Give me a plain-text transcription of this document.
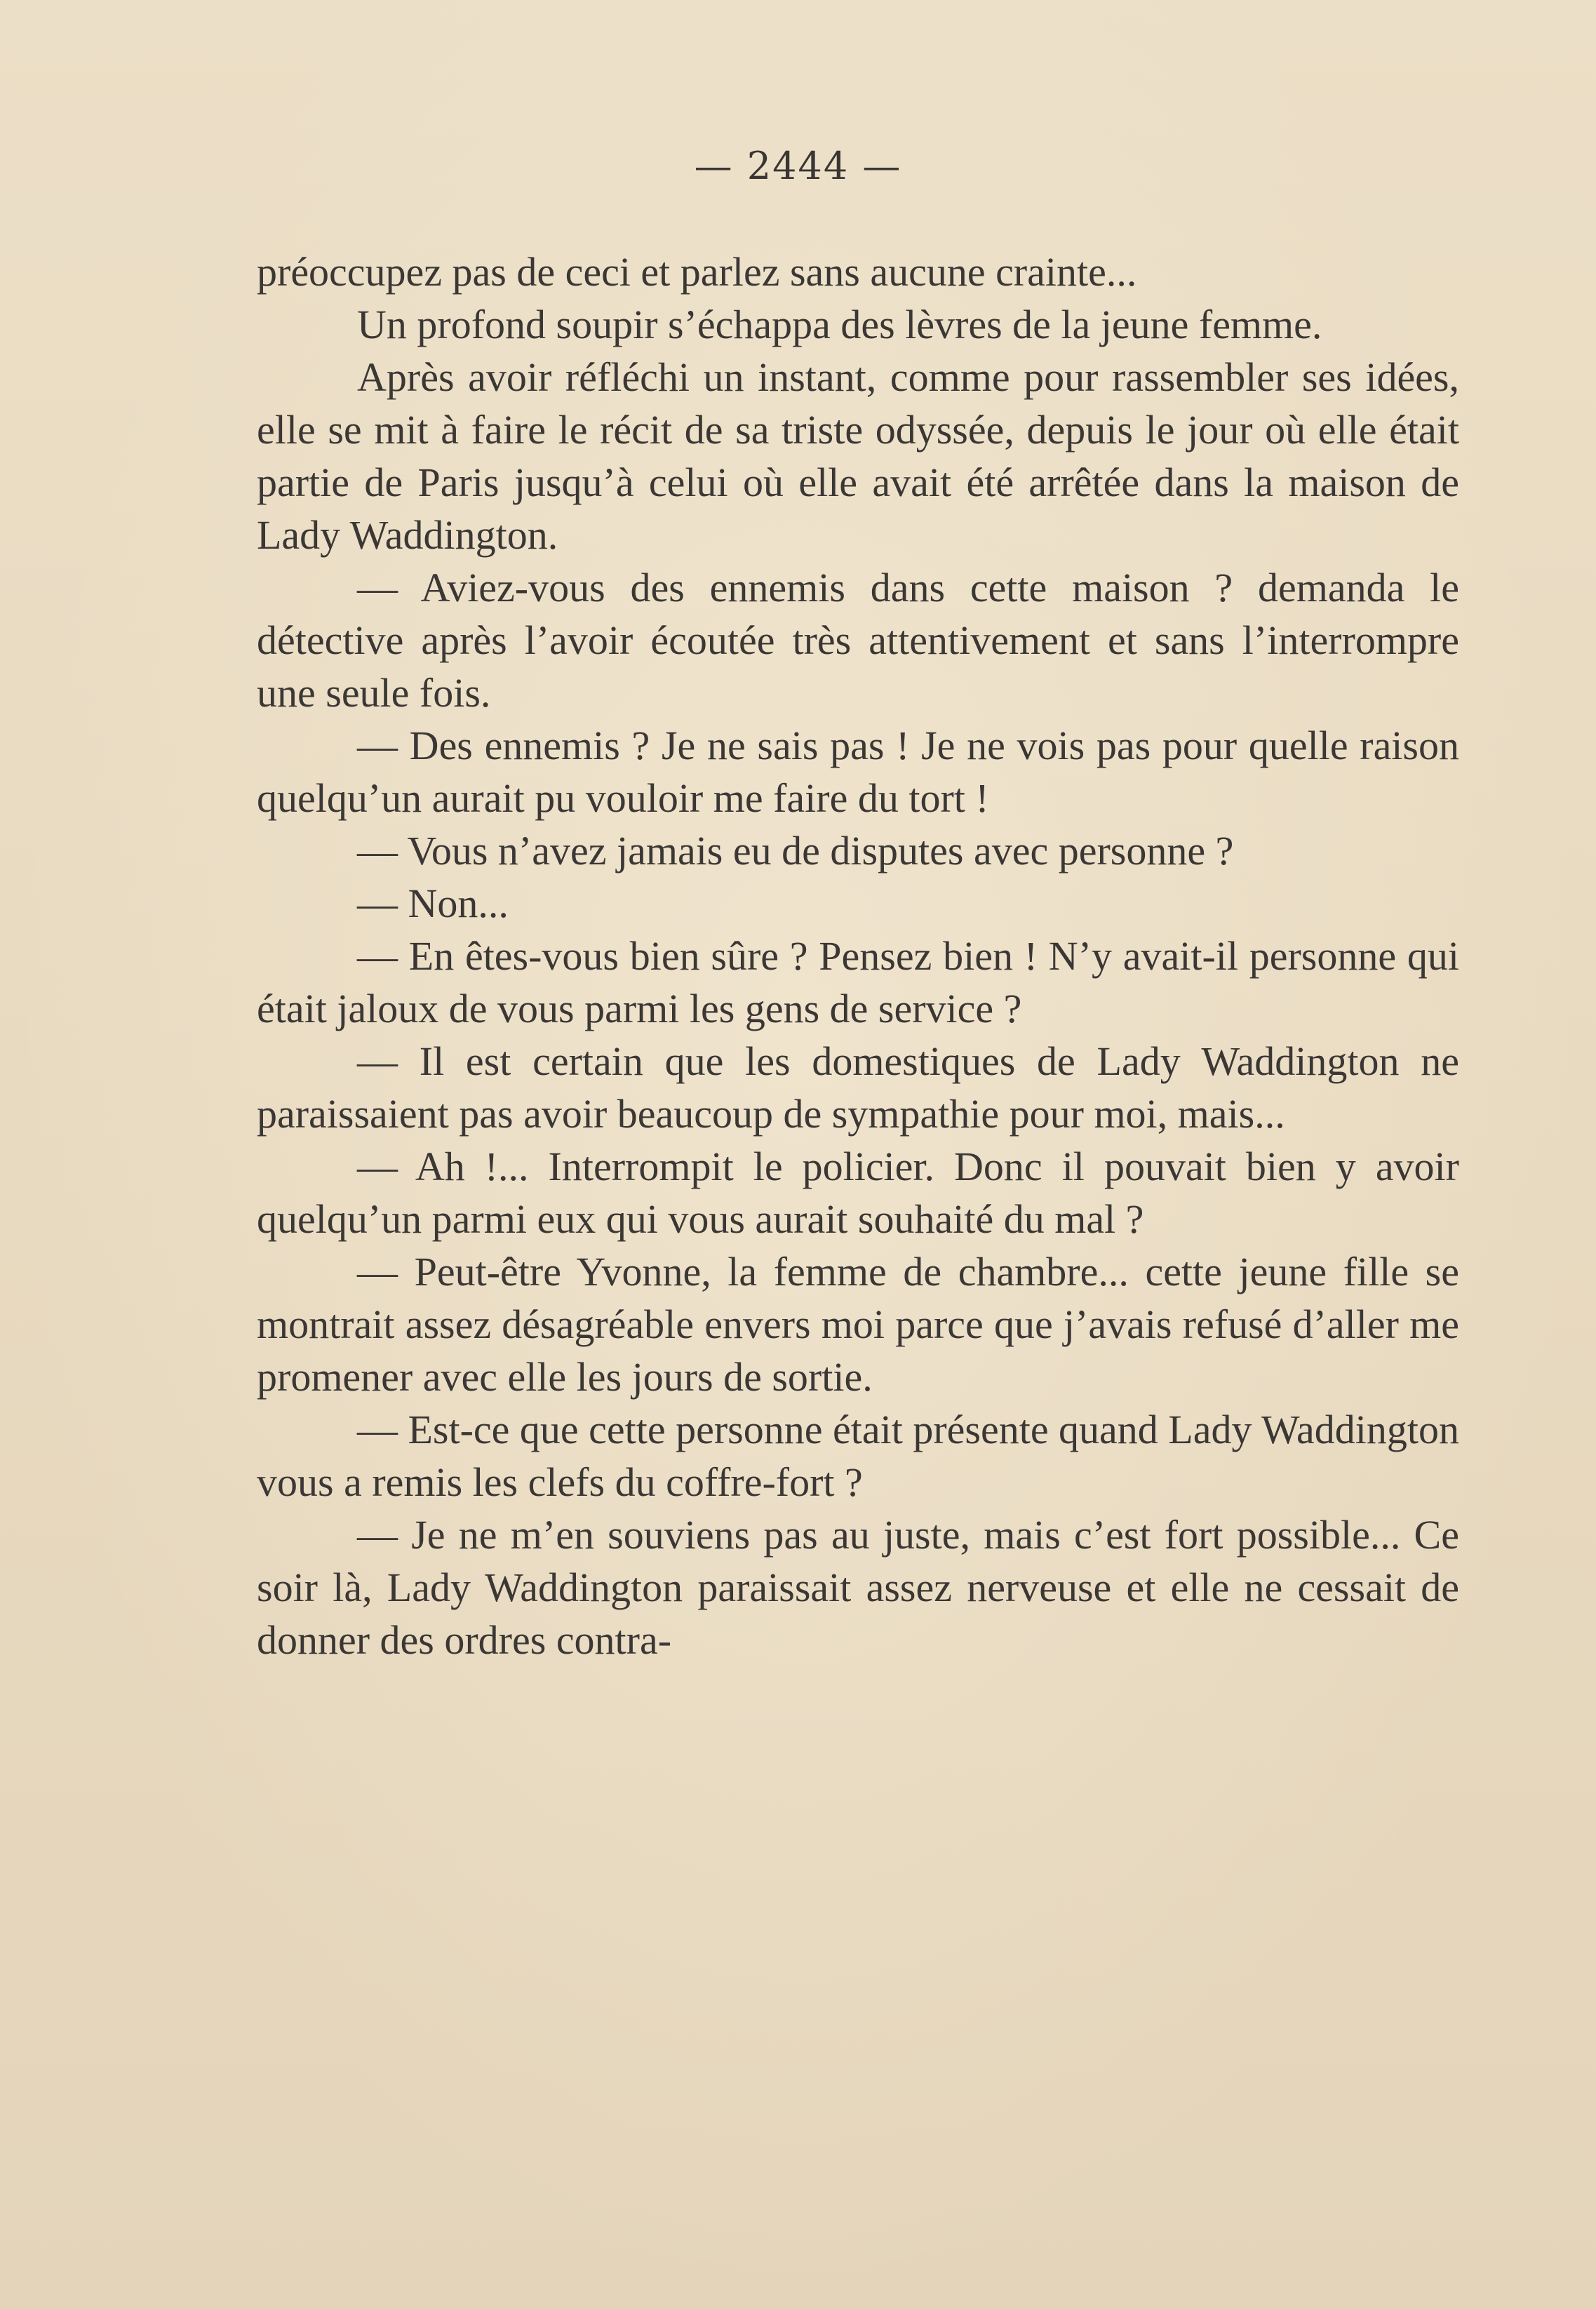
— 2444 —

préoccupez pas de ceci et parlez sans aucune crainte...

Un profond soupir s’échappa des lèvres de la jeune femme.

Après avoir réfléchi un instant, comme pour rassembler ses idées, elle se mit à faire le récit de sa triste odyssée, depuis le jour où elle était partie de Paris jusqu’à celui où elle avait été arrêtée dans la maison de Lady Waddington.

— Aviez-vous des ennemis dans cette maison ? demanda le détective après l’avoir écoutée très attentivement et sans l’interrompre une seule fois.

— Des ennemis ? Je ne sais pas ! Je ne vois pas pour quelle raison quelqu’un aurait pu vouloir me faire du tort !

— Vous n’avez jamais eu de disputes avec personne ?

— Non...

— En êtes-vous bien sûre ? Pensez bien ! N’y avait-il personne qui était jaloux de vous parmi les gens de service ?

— Il est certain que les domestiques de Lady Waddington ne paraissaient pas avoir beaucoup de sympathie pour moi, mais...

— Ah !... Interrompit le policier. Donc il pouvait bien y avoir quelqu’un parmi eux qui vous aurait souhaité du mal ?

— Peut-être Yvonne, la femme de chambre... cette jeune fille se montrait assez désagréable envers moi parce que j’avais refusé d’aller me promener avec elle les jours de sortie.

— Est-ce que cette personne était présente quand Lady Waddington vous a remis les clefs du coffre-fort ?

— Je ne m’en souviens pas au juste, mais c’est fort possible... Ce soir là, Lady Waddington paraissait assez nerveuse et elle ne cessait de donner des ordres contra-
